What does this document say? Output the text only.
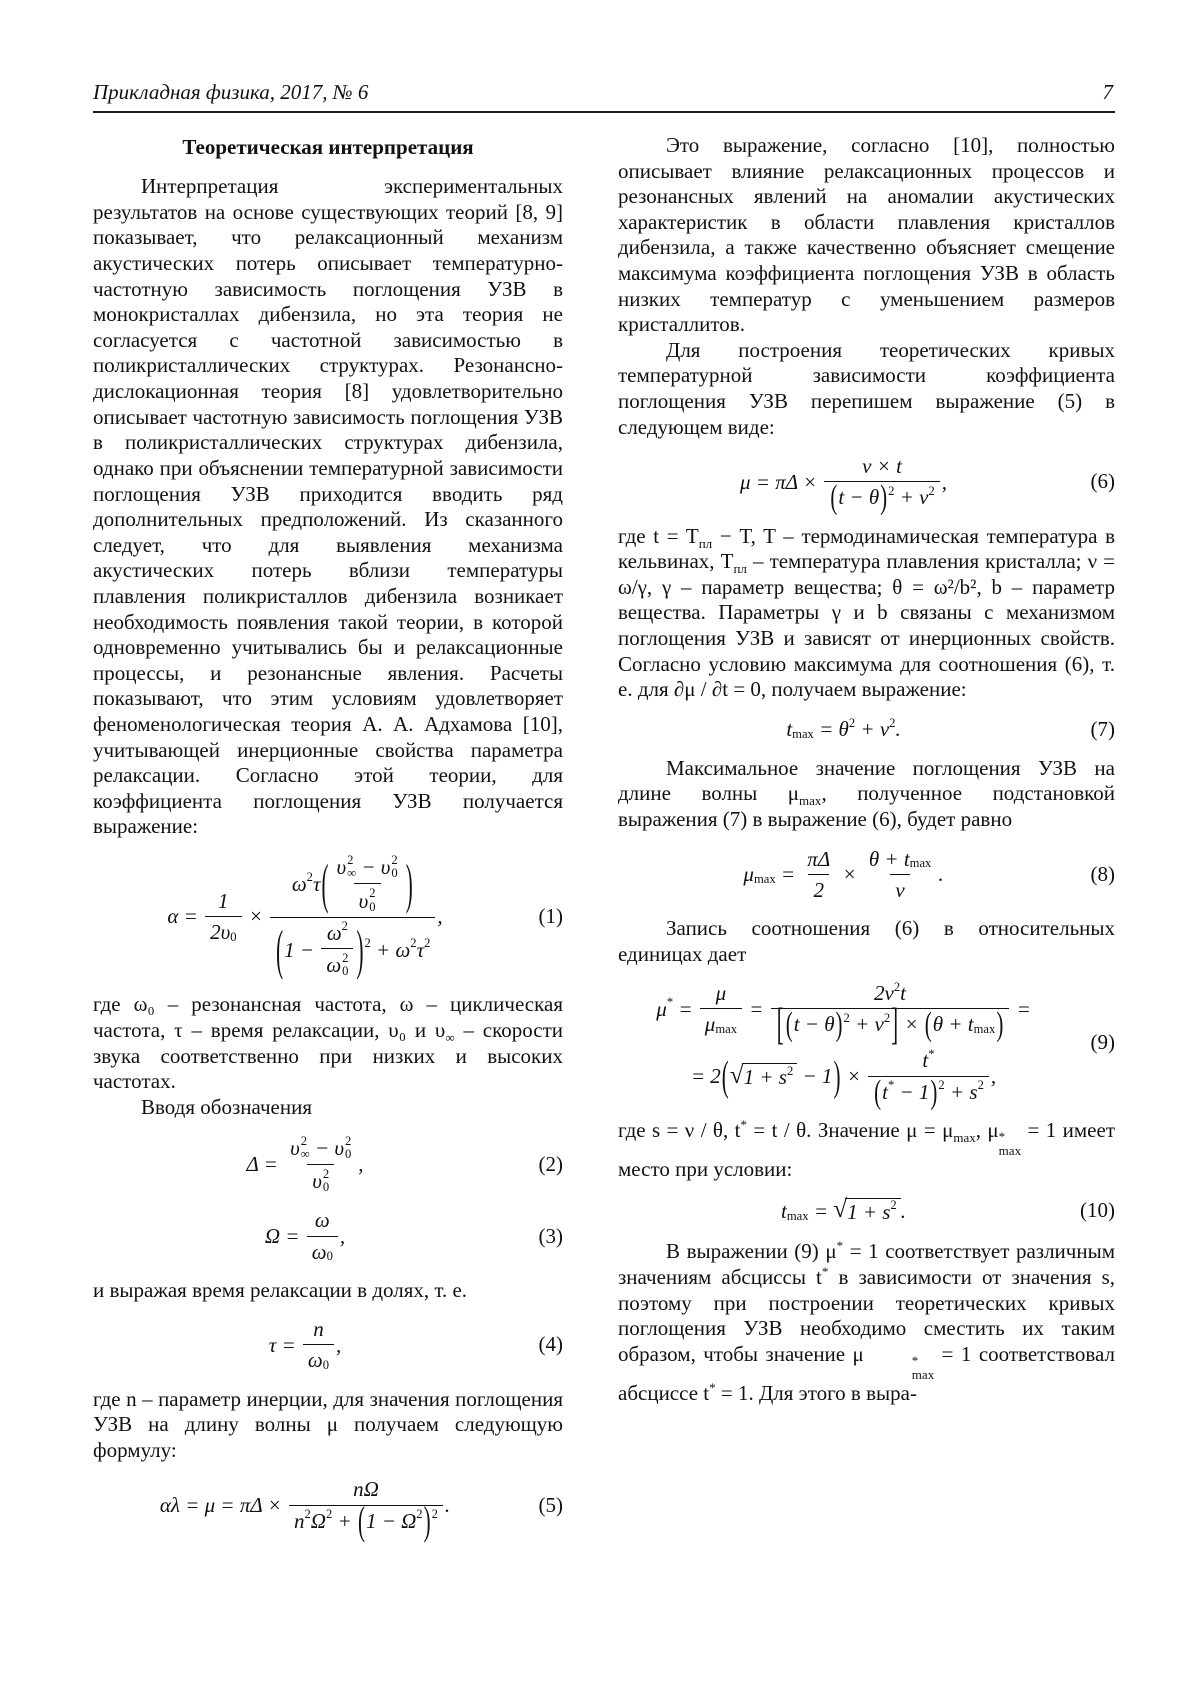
Прикладная физика, 2017, № 6	7
Теоретическая интерпретация

Интерпретация экспериментальных результатов на основе существующих теорий [8, 9] показывает, что релаксационный механизм акустических потерь описывает температурно-частотную зависимость поглощения УЗВ в монокристаллах дибензила, но эта теория не согласуется с частотной зависимостью в поликристаллических структурах. Резонансно-дислокационная теория [8] удовлетворительно описывает частотную зависимость поглощения УЗВ в поликристаллических структурах дибензила, однако при объяснении температурной зависимости поглощения УЗВ приходится вводить ряд дополнительных предположений. Из сказанного следует, что для выявления механизма акустических потерь вблизи температуры плавления поликристаллов дибензила возникает необходимость появления такой теории, в которой одновременно учитывались бы и релаксационные процессы, и резонансные явления. Расчеты показывают, что этим условиям удовлетворяет феноменологическая теория А. А. Адхамова [10], учитывающей инерционные свойства параметра релаксации. Согласно этой теории, для коэффициента поглощения УЗВ получается выражение:

$\alpha = \frac{1}{2\upsilon 0} \times \omega$ 2 τ ( υ 2
∞ − υ 2
0
υ 2
0 )
( 1 − ω 2
ω 2
0 ) 2 + ω 2 τ 2 ,	(1)

где ω₀ – резонансная частота, ω – циклическая частота, τ – время релаксации, υ₀ и $\upsilon_\infty$ – скорости звука соответственно при низких и высоких частотах.

Вводя обозначения

Δ = υ 2
∞ − υ 2
0
υ 2
0 ,	(2)
$\Omega = \frac{\omega}{\omega 0}$ ,	(3)

и выражая время релаксации в долях, т. е.

$\tau = \frac{n}{\omega 0}$ ,	(4)

где n – параметр инерции, для значения поглощения УЗВ на длину волны μ получаем следующую формулу:

$\alpha\lambda = \mu = \pi\Delta \times \frac{n\Omega}{n 2 \Omega 2 + ( 1 - \Omega 2 ) 2}$ .	(5)

Это выражение, согласно [10], полностью описывает влияние релаксационных процессов и резонансных явлений на аномалии акустических характеристик в области плавления кристаллов дибензила, а также качественно объясняет смещение максимума коэффициента поглощения УЗВ в область низких температур с уменьшением размеров кристаллитов.

Для построения теоретических кривых температурной зависимости коэффициента поглощения УЗВ перепишем выражение (5) в следующем виде:

$\mu = \pi\Delta \times \frac{\nu \times t}{( t - \theta ) 2 + \nu 2}$ ,	(6)

где $t = T_{пл} - T$, T – термодинамическая температура в кельвинах, $T_{пл}$ – температура плавления кристалла; ν = ω/γ, γ – параметр вещества; θ = ω²/b², b – параметр вещества. Параметры γ и b связаны с механизмом поглощения УЗВ и зависят от инерционных свойств. Согласно условию максимума для соотношения (6), т. е. для ∂μ / ∂t = 0, получаем выражение:

t max = θ 2 + ν 2 .	(7)

Максимальное значение поглощения УЗВ на длине волны $\mu_{max}$, полученное подстановкой выражения (7) в выражение (6), будет равно

μ $\max = \frac{\pi\Delta}{2}$ ×
θ + t max
ν
.	(8)

Запись соотношения (6) в относительных единицах дает

μ * =
μ
μ max
=
2 ν 2 t
[ ( t − θ ) 2 + ν 2 ] × ( θ + t max ) =
= 2 ( √ 1 + s 2 − 1 ) × $\frac{t *}{( t * - 1 ) 2 + s 2}$ ,
(9)

где s = ν / θ, t* = t / θ. Значение $\mu = \mu_{max}$, μ *
max
= 1 имеет место при условии:

t max = √ 1 + s 2 .	(10)

В выражении (9) μ* = 1 соответствует различным значениям абсциссы t* в зависимости от значения s, поэтому при построении теоретических кривых поглощения УЗВ необходимо сместить их таким образом, чтобы значение μ	*
max
= 1 соответствовал абсциссе t* = 1. Для этого в выра-
